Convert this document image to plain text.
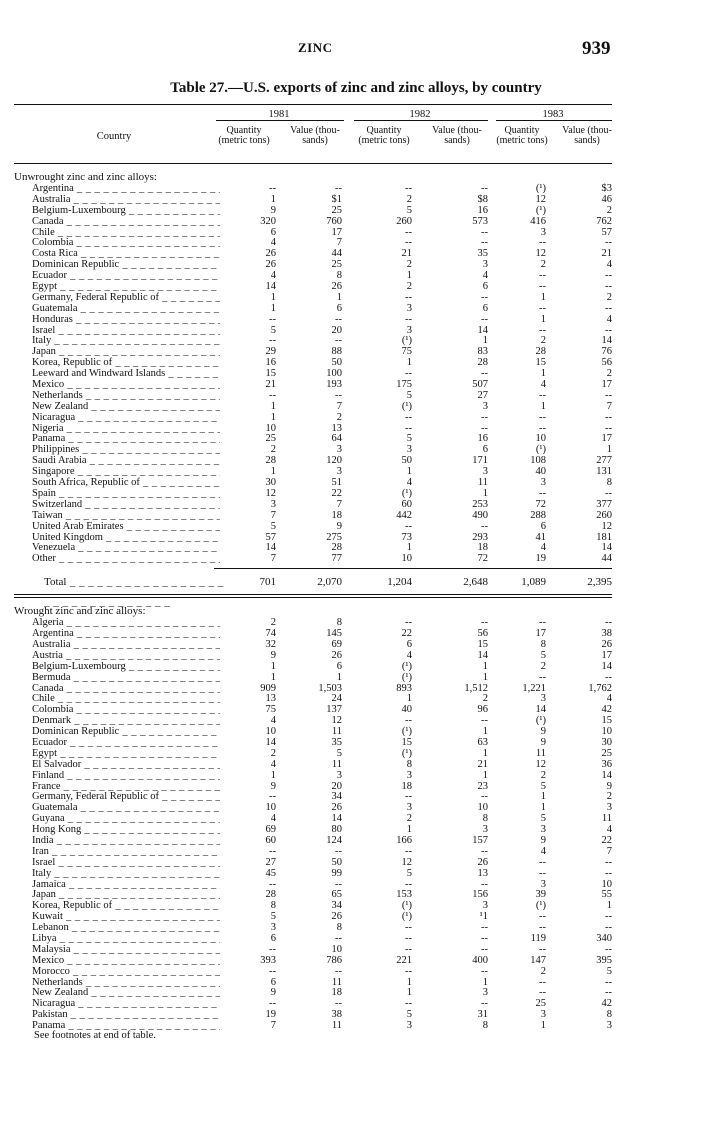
ZINC	939
Table 27.—U.S. exports of zinc and zinc alloys, by country
Country
1981	1982	1983
Quantity (metric tons)
Value (thou- sands)
Quantity (metric tons)
Value (thou- sands)
Quantity (metric tons)
Value (thou- sands)
Unwrought zinc and zinc alloys:
Argentina _ _ _	--	--	--	--	(¹)	$3
Australia _ _ _	1	$1	2	$8	12	46
Belgium-Luxembourg _ _ _	9	25	5	16	(¹)	2
Canada _ _ _	320	760	260	573	416	762
Chile _ _ _	6	17	--	--	3	57
Colombia _ _ _	4	7	--	--	--	--
Costa Rica _ _ _	26	44	21	35	12	21
Dominican Republic _ _ _	26	25	2	3	2	4
Ecuador _ _ _	4	8	1	4	--	--
Egypt _ _ _	14	26	2	6	--	--
Germany, Federal Republic of _ _ _	1	1	--	--	1	2
Guatemala _ _ _	1	6	3	6	--	--
Honduras _ _ _	--	--	--	--	1	4
Israel _ _ _	5	20	3	14	--	--
Italy _ _ _	--	--	(¹)	1	2	14
Japan _ _ _	29	88	75	83	28	76
Korea, Republic of _ _ _	16	50	1	28	15	56
Leeward and Windward Islands _ _ _	15	100	--	--	1	2
Mexico _ _ _	21	193	175	507	4	17
Netherlands _ _ _	--	--	5	27	--	--
New Zealand _ _ _	1	7	(¹)	3	1	7
Nicaragua _ _ _	1	2	--	--	--	--
Nigeria _ _ _	10	13	--	--	--	--
Panama _ _ _	25	64	5	16	10	17
Philippines _ _ _	2	3	3	6	(¹)	1
Saudi Arabia _ _ _	28	120	50	171	108	277
Singapore _ _ _	1	3	1	3	40	131
South Africa, Republic of _ _ _	30	51	4	11	3	8
Spain _ _ _	12	22	(¹)	1	--	--
Switzerland _ _ _	3	7	60	253	72	377
Taiwan _ _ _	7	18	442	490	288	260
United Arab Emirates _ _ _	5	9	--	--	6	12
United Kingdom _ _ _	57	275	73	293	41	181
Venezuela _ _ _	14	28	1	18	4	14
Other _ _ _	7	77	10	72	19	44
Total _ _ _	701	2,070	1,204	2,648	1,089	2,395
Wrought zinc and zinc alloys:
Algeria _ _ _	2	8	--	--	--	--
Argentina _ _ _	74	145	22	56	17	38
Australia _ _ _	32	69	6	15	8	26
Austria _ _ _	9	26	4	14	5	17
Belgium-Luxembourg _ _ _	1	6	(¹)	1	2	14
Bermuda _ _ _	1	1	(¹)	1	--	--
Canada _ _ _	909	1,503	893	1,512	1,221	1,762
Chile _ _ _	13	24	1	2	3	4
Colombia _ _ _	75	137	40	96	14	42
Denmark _ _ _	4	12	--	--	(¹)	15
Dominican Republic _ _ _	10	11	(¹)	1	9	10
Ecuador _ _ _	14	35	15	63	9	30
Egypt _ _ _	2	5	(¹)	1	11	25
El Salvador _ _ _	4	11	8	21	12	36
Finland _ _ _	1	3	3	1	2	14
France _ _ _	9	20	18	23	5	9
Germany, Federal Republic of _ _ _	--	34	--	--	1	2
Guatemala _ _ _	10	26	3	10	1	3
Guyana _ _ _	4	14	2	8	5	11
Hong Kong _ _ _	69	80	1	3	3	4
India _ _ _	60	124	166	157	9	22
Iran _ _ _	--	--	--	--	4	7
Israel _ _ _	27	50	12	26	--	--
Italy _ _ _	45	99	5	13	--	--
Jamaica _ _ _	--	--	--	--	3	10
Japan _ _ _	28	65	153	156	39	55
Korea, Republic of _ _ _	8	34	(¹)	3	(¹)	1
Kuwait _ _ _	5	26	(¹)	¹1	--	--
Lebanon _ _ _	3	8	--	--	--	--
Libya _ _ _	6	--	--	--	119	340
Malaysia _ _ _	--	10	--	--	--	--
Mexico _ _ _	393	786	221	400	147	395
Morocco _ _ _	--	--	--	--	2	5
Netherlands _ _ _	6	11	1	1	--	--
New Zealand _ _ _	9	18	1	3	--	--
Nicaragua _ _ _	--	--	--	--	25	42
Pakistan _ _ _	19	38	5	31	3	8
Panama _ _ _	7	11	3	8	1	3
See footnotes at end of table.
